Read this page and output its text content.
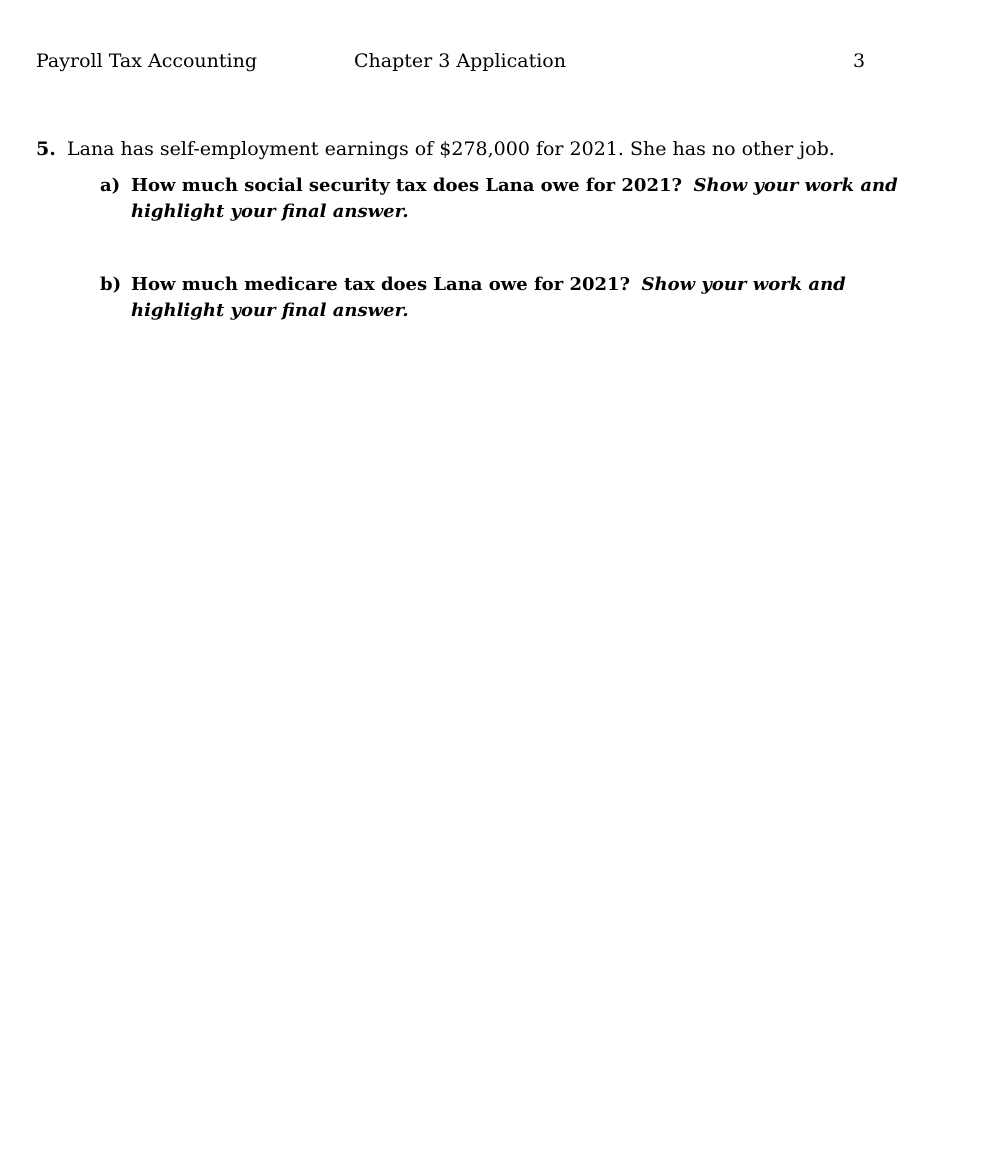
Payroll Tax Accounting	Chapter 3 Application	3
5. Lana has self-employment earnings of $278,000 for 2021. She has no other job.
a) How much social security tax does Lana owe for 2021? Show your work and highlight your final answer.
b) How much medicare tax does Lana owe for 2021? Show your work and highlight your final answer.
